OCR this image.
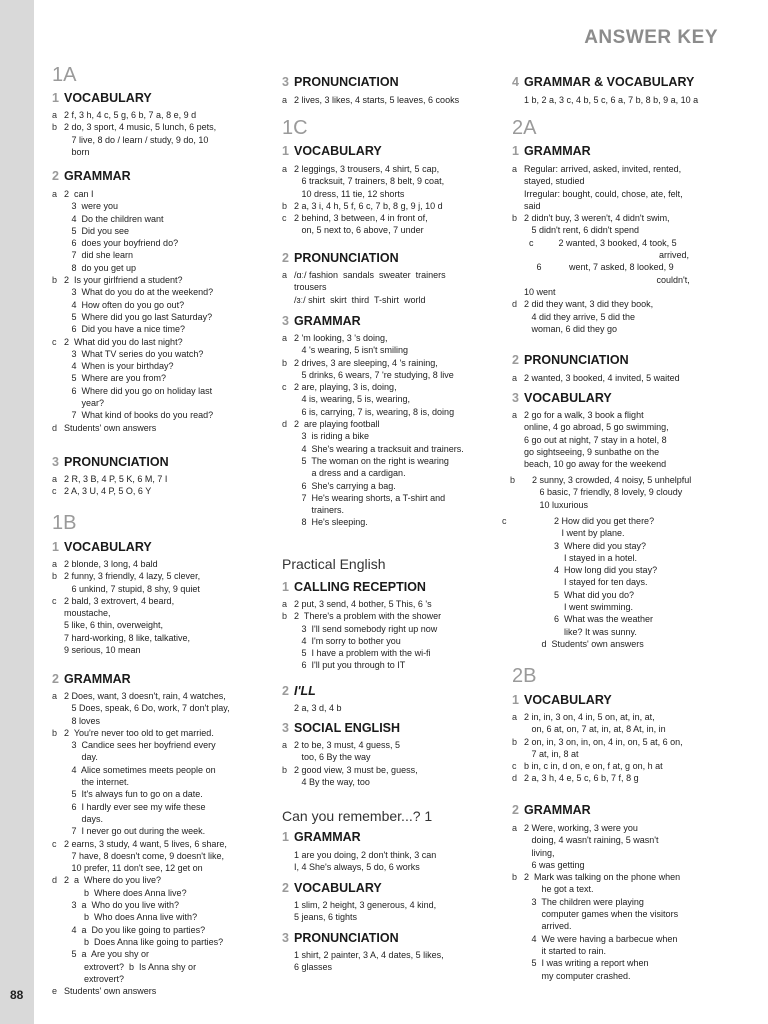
88
ANSWER KEY
1A
1 VOCABULARY
a 2 f, 3 h, 4 c, 5 g, 6 b, 7 a, 8 e, 9 d
b 2 do, 3 sport, 4 music, 5 lunch, 6 pets,
7 live, 8 do / learn / study, 9 do, 10
born
2 GRAMMAR
a 2  can I
3  were you
4  Do the children want
5  Did you see
6  does your boyfriend do?
7  did she learn
8  do you get up
b 2  Is your girlfriend a student?
3  What do you do at the weekend?
4  How often do you go out?
5  Where did you go last Saturday?
6  Did you have a nice time?
c 2  What did you do last night?
3  What TV series do you watch?
4  When is your birthday?
5  Where are you from?
6  Where did you go on holiday last
year?
7  What kind of books do you read?
d Students' own answers
3 PRONUNCIATION
a 2 R, 3 B, 4 P, 5 K, 6 M, 7 I
c 2 A, 3 U, 4 P, 5 O, 6 Y
1B
1 VOCABULARY
a 2 blonde, 3 long, 4 bald
b 2 funny, 3 friendly, 4 lazy, 5 clever,
6 unkind, 7 stupid, 8 shy, 9 quiet
c 2 bald, 3 extrovert, 4 beard,
moustache,
5 like, 6 thin, overweight,
7 hard-working, 8 like, talkative,
9 serious, 10 mean
2 GRAMMAR
a 2 Does, want, 3 doesn't, rain, 4 watches,
5 Does, speak, 6 Do, work, 7 don't play,
8 loves
b 2  You're never too old to get married.
3  Candice sees her boyfriend every
day.
4  Alice sometimes meets people on
the internet.
5  It's always fun to go on a date.
6  I hardly ever see my wife these
days.
7  I never go out during the week.
c 2 earns, 3 study, 4 want, 5 lives, 6 share,
7 have, 8 doesn't come, 9 doesn't like,
10 prefer, 11 don't see, 12 get on
d 2  a  Where do you live?
b  Where does Anna live?
3  a  Who do you live with?
b  Who does Anna live with?
4  a  Do you like going to parties?
b  Does Anna like going to parties?
5  a  Are you shy or
extrovert?  b  Is Anna shy or
extrovert?
e Students' own answers
3 PRONUNCIATION
a 2 lives, 3 likes, 4 starts, 5 leaves, 6 cooks
1C
1 VOCABULARY
a 2 leggings, 3 trousers, 4 shirt, 5 cap,
6 tracksuit, 7 trainers, 8 belt, 9 coat,
10 dress, 11 tie, 12 shorts
b 2 a, 3 i, 4 h, 5 f, 6 c, 7 b, 8 g, 9 j, 10 d
c 2 behind, 3 between, 4 in front of,
on, 5 next to, 6 above, 7 under
2 PRONUNCIATION
a /ɑː/ fashion  sandals  sweater  trainers
trousers
/ɜː/ shirt  skirt  third  T-shirt  world
3 GRAMMAR
a 2 'm looking, 3 's doing,
4 's wearing, 5 isn't smiling
b 2 drives, 3 are sleeping, 4 's raining,
5 drinks, 6 wears, 7 're studying, 8 live
c 2 are, playing, 3 is, doing,
4 is, wearing, 5 is, wearing,
6 is, carrying, 7 is, wearing, 8 is, doing
d 2  are playing football
3  is riding a bike
4  She's wearing a tracksuit and trainers.
5  The woman on the right is wearing
a dress and a cardigan.
6  She's carrying a bag.
7  He's wearing shorts, a T-shirt and
trainers.
8  He's sleeping.
Practical English
1 CALLING RECEPTION
a 2 put, 3 send, 4 bother, 5 This, 6 's
b 2  There's a problem with the shower
3  I'll send somebody right up now
4  I'm sorry to bother you
5  I have a problem with the wi-fi
6  I'll put you through to IT
2 I'LL
2 a, 3 d, 4 b
3 SOCIAL ENGLISH
a 2 to be, 3 must, 4 guess, 5
too, 6 By the way
b 2 good view, 3 must be, guess,
4 By the way, too
Can you remember...? 1
1 GRAMMAR
1 are you doing, 2 don't think, 3 can
I, 4 She's always, 5 do, 6 works
2 VOCABULARY
1 slim, 2 height, 3 generous, 4 kind,
5 jeans, 6 tights
3 PRONUNCIATION
1 shirt, 2 painter, 3 A, 4 dates, 5 likes,
6 glasses
4 GRAMMAR & VOCABULARY
1 b, 2 a, 3 c, 4 b, 5 c, 6 a, 7 b, 8 b, 9 a, 10 a
2A
1 GRAMMAR
a Regular: arrived, asked, invited, rented,
stayed, studied
Irregular: bought, could, chose, ate, felt,
said
b 2 didn't buy, 3 weren't, 4 didn't swim,
5 didn't rent, 6 didn't spend
c          2 wanted, 3 booked, 4 took, 5
arrived,
6           went, 7 asked, 8 looked, 9
couldn't,
10 went
d 2 did they want, 3 did they book,
4 did they arrive, 5 did the
woman, 6 did they go
2 PRONUNCIATION
a 2 wanted, 3 booked, 4 invited, 5 waited
3 VOCABULARY
a 2 go for a walk, 3 book a flight
online, 4 go abroad, 5 go swimming,
6 go out at night, 7 stay in a hotel, 8
go sightseeing, 9 sunbathe on the
beach, 10 go away for the weekend
b    2 sunny, 3 crowded, 4 noisy, 5 unhelpful
6 basic, 7 friendly, 8 lovely, 9 cloudy
10 luxurious
c                2 How did you get there?
I went by plane.
3  Where did you stay?
I stayed in a hotel.
4  How long did you stay?
I stayed for ten days.
5  What did you do?
I went swimming.
6  What was the weather
like? It was sunny.
d  Students' own answers
2B
1 VOCABULARY
a 2 in, in, 3 on, 4 in, 5 on, at, in, at,
on, 6 at, on, 7 at, in, at, 8 At, in, in
b 2 on, in, 3 on, in, on, 4 in, on, 5 at, 6 on,
7 at, in, 8 at
c b in, c in, d on, e on, f at, g on, h at
d 2 a, 3 h, 4 e, 5 c, 6 b, 7 f, 8 g
2 GRAMMAR
a 2 Were, working, 3 were you
doing, 4 wasn't raining, 5 wasn't
living,
6 was getting
b 2  Mark was talking on the phone when
he got a text.
3  The children were playing
computer games when the visitors
arrived.
4  We were having a barbecue when
it started to rain.
5  I was writing a report when
my computer crashed.
